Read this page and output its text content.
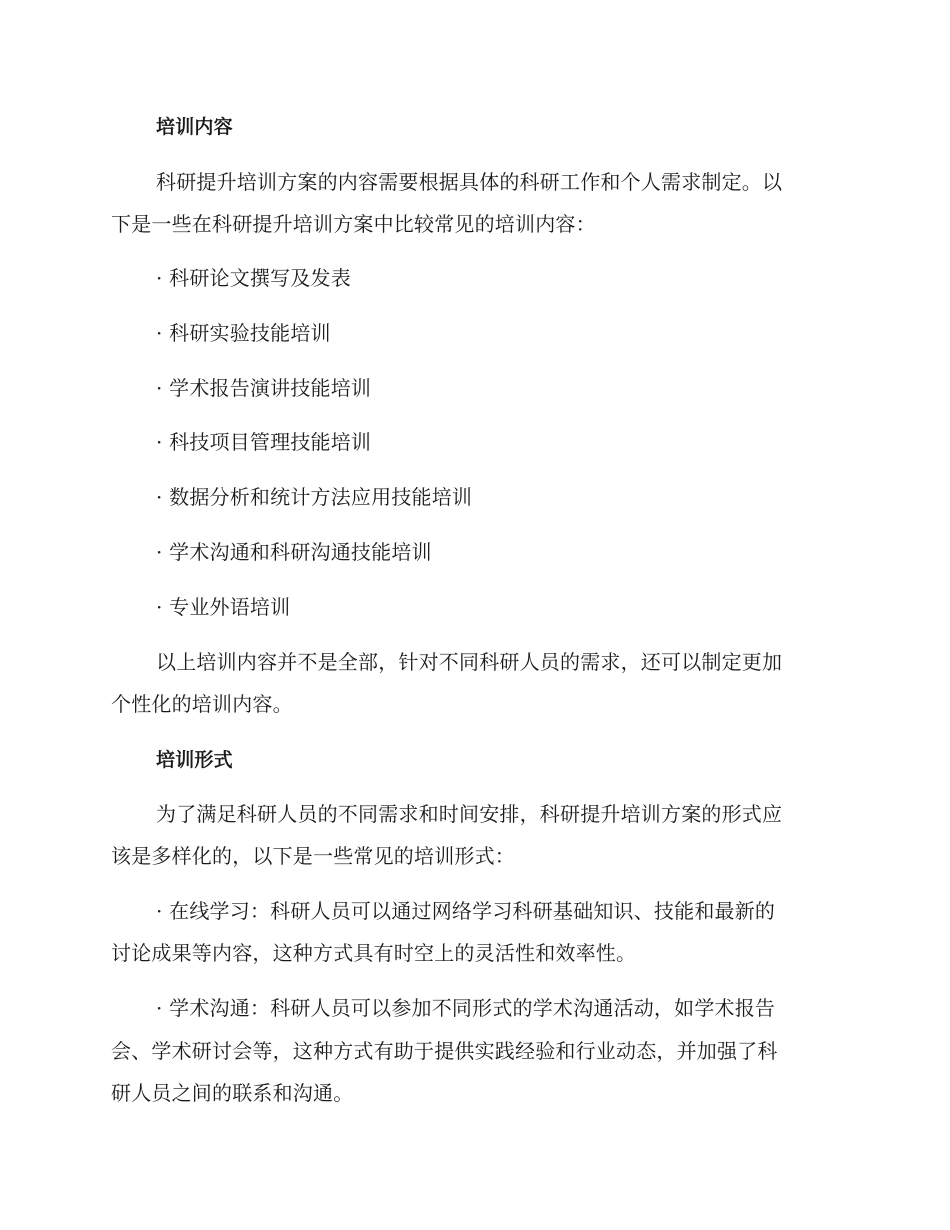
培训内容
科研提升培训方案的内容需要根据具体的科研工作和个人需求制定。以
下是一些在科研提升培训方案中比较常见的培训内容：
· 科研论文撰写及发表
· 科研实验技能培训
· 学术报告演讲技能培训
· 科技项目管理技能培训
· 数据分析和统计方法应用技能培训
· 学术沟通和科研沟通技能培训
· 专业外语培训
以上培训内容并不是全部，针对不同科研人员的需求，还可以制定更加
个性化的培训内容。
培训形式
为了满足科研人员的不同需求和时间安排，科研提升培训方案的形式应
该是多样化的，以下是一些常见的培训形式：
· 在线学习：科研人员可以通过网络学习科研基础知识、技能和最新的
讨论成果等内容，这种方式具有时空上的灵活性和效率性。
· 学术沟通：科研人员可以参加不同形式的学术沟通活动，如学术报告
会、学术研讨会等，这种方式有助于提供实践经验和行业动态，并加强了科
研人员之间的联系和沟通。
